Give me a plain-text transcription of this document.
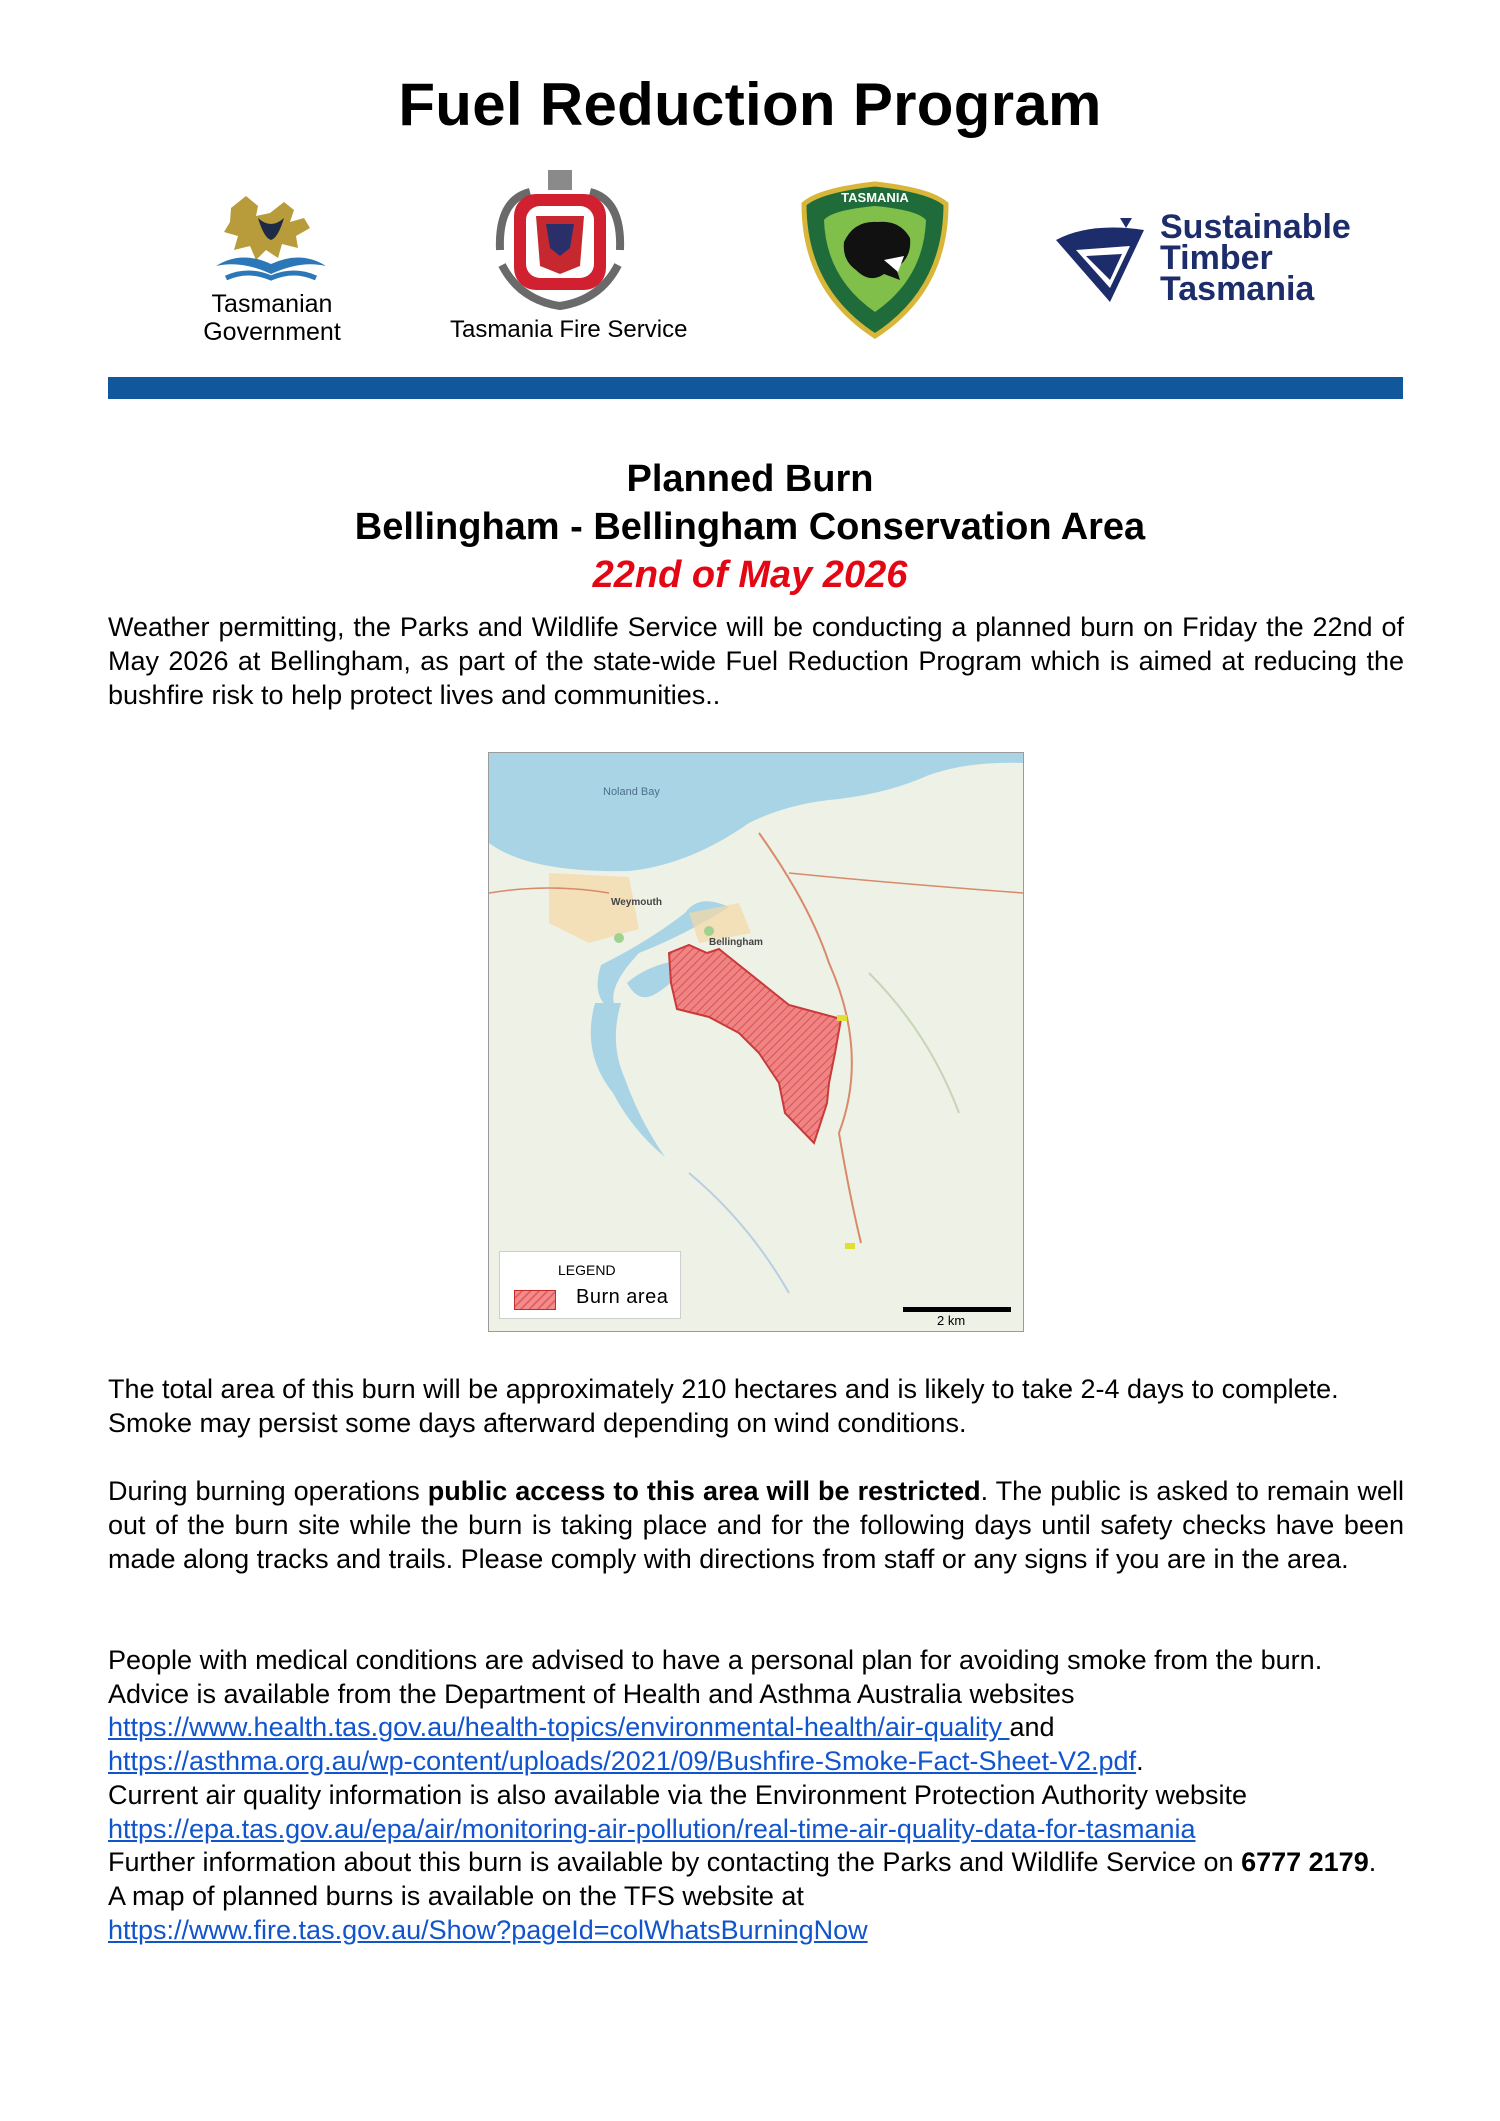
Fuel Reduction Program
Tasmanian
Government	Tasmania Fire Service
TASMANIA
Sustainable
Timber
Tasmania
Planned Burn
Bellingham - Bellingham Conservation Area
22nd of May 2026

Weather permitting, the Parks and Wildlife Service will be conducting a planned burn on Friday the 22nd of May 2026 at Bellingham, as part of the state-wide Fuel Reduction Program which is aimed at reducing the bushfire risk to help protect lives and communities..

Noland Bay
Weymouth
Bellingham
LEGEND
Burn area
2 km

The total area of this burn will be approximately 210 hectares and is likely to take 2-4 days to complete. Smoke may persist some days afterward depending on wind conditions.

During burning operations public access to this area will be restricted. The public is asked to remain well out of the burn site while the burn is taking place and for the following days until safety checks have been made along tracks and trails. Please comply with directions from staff or any signs if you are in the area.

People with medical conditions are advised to have a personal plan for avoiding smoke from the burn. Advice is available from the Department of Health and Asthma Australia websites
https://www.health.tas.gov.au/health-topics/environmental-health/air-quality and
https://asthma.org.au/wp-content/uploads/2021/09/Bushfire-Smoke-Fact-Sheet-V2.pdf.
Current air quality information is also available via the Environment Protection Authority website
https://epa.tas.gov.au/epa/air/monitoring-air-pollution/real-time-air-quality-data-for-tasmania
Further information about this burn is available by contacting the Parks and Wildlife Service on 6777 2179.
A map of planned burns is available on the TFS website at
https://www.fire.tas.gov.au/Show?pageId=colWhatsBurningNow
